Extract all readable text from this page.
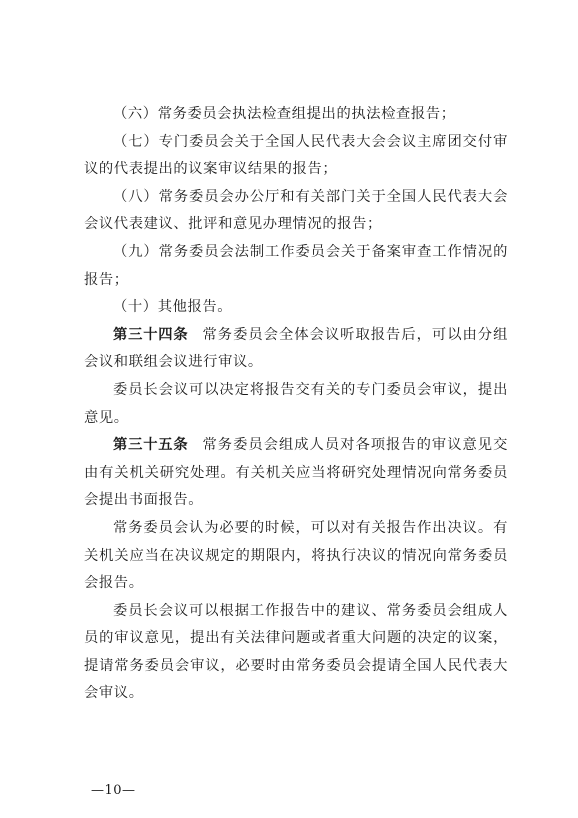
（六）常务委员会执法检查组提出的执法检查报告；

（七）专门委员会关于全国人民代表大会会议主席团交付审议的代表提出的议案审议结果的报告；

（八）常务委员会办公厅和有关部门关于全国人民代表大会会议代表建议、批评和意见办理情况的报告；

（九）常务委员会法制工作委员会关于备案审查工作情况的报告；

（十）其他报告。

第三十四条 常务委员会全体会议听取报告后，可以由分组会议和联组会议进行审议。

委员长会议可以决定将报告交有关的专门委员会审议，提出意见。

第三十五条 常务委员会组成人员对各项报告的审议意见交由有关机关研究处理。有关机关应当将研究处理情况向常务委员会提出书面报告。

常务委员会认为必要的时候，可以对有关报告作出决议。有关机关应当在决议规定的期限内，将执行决议的情况向常务委员会报告。

委员长会议可以根据工作报告中的建议、常务委员会组成人员的审议意见，提出有关法律问题或者重大问题的决定的议案，提请常务委员会审议，必要时由常务委员会提请全国人民代表大会审议。

—10—
